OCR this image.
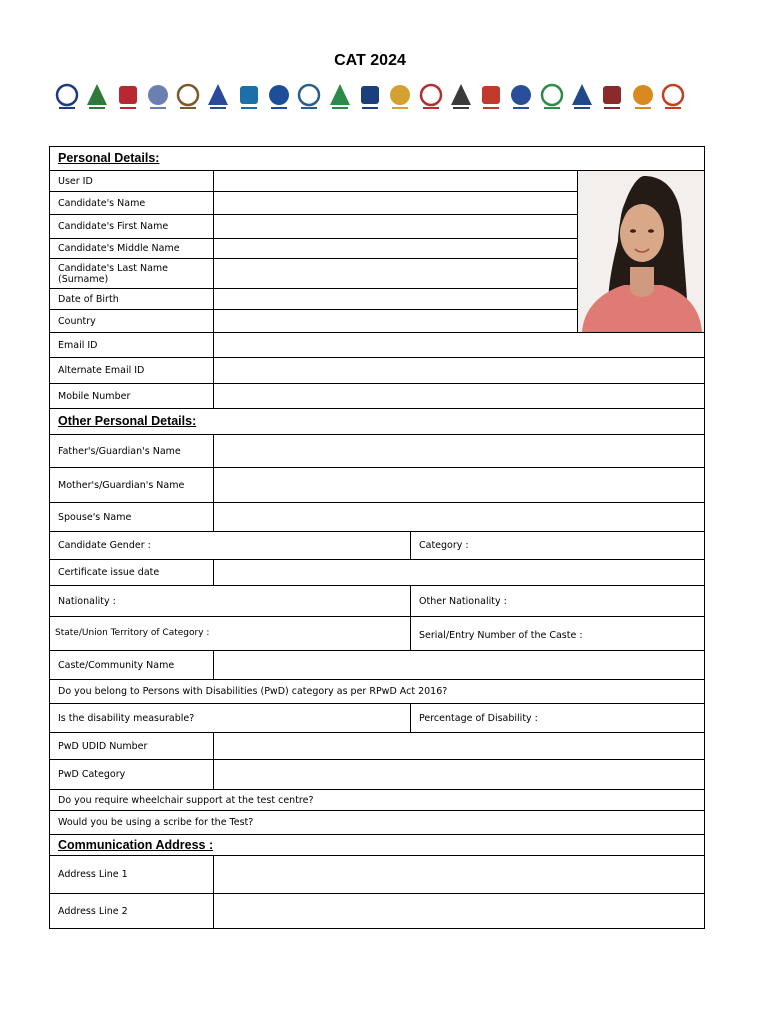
CAT 2024
Personal Details:
User ID
Candidate's Name
Candidate's First Name
Candidate's Middle Name
Candidate's Last Name (Surname)
Date of Birth
Country
Email ID
Alternate Email ID
Mobile Number
Other Personal Details:
Father's/Guardian's Name
Mother's/Guardian's Name
Spouse's Name
Candidate Gender :	Category :
Certificate issue date
Nationality :	Other Nationality :
State/Union Territory of Category :	Serial/Entry Number of the Caste :
Caste/Community Name
Do you belong to Persons with Disabilities (PwD) category as per RPwD Act 2016?
Is the disability measurable?	Percentage of Disability :
PwD UDID Number
PwD Category
Do you require wheelchair support at the test centre?
Would you be using a scribe for the Test?
Communication Address :
Address Line 1
Address Line 2
